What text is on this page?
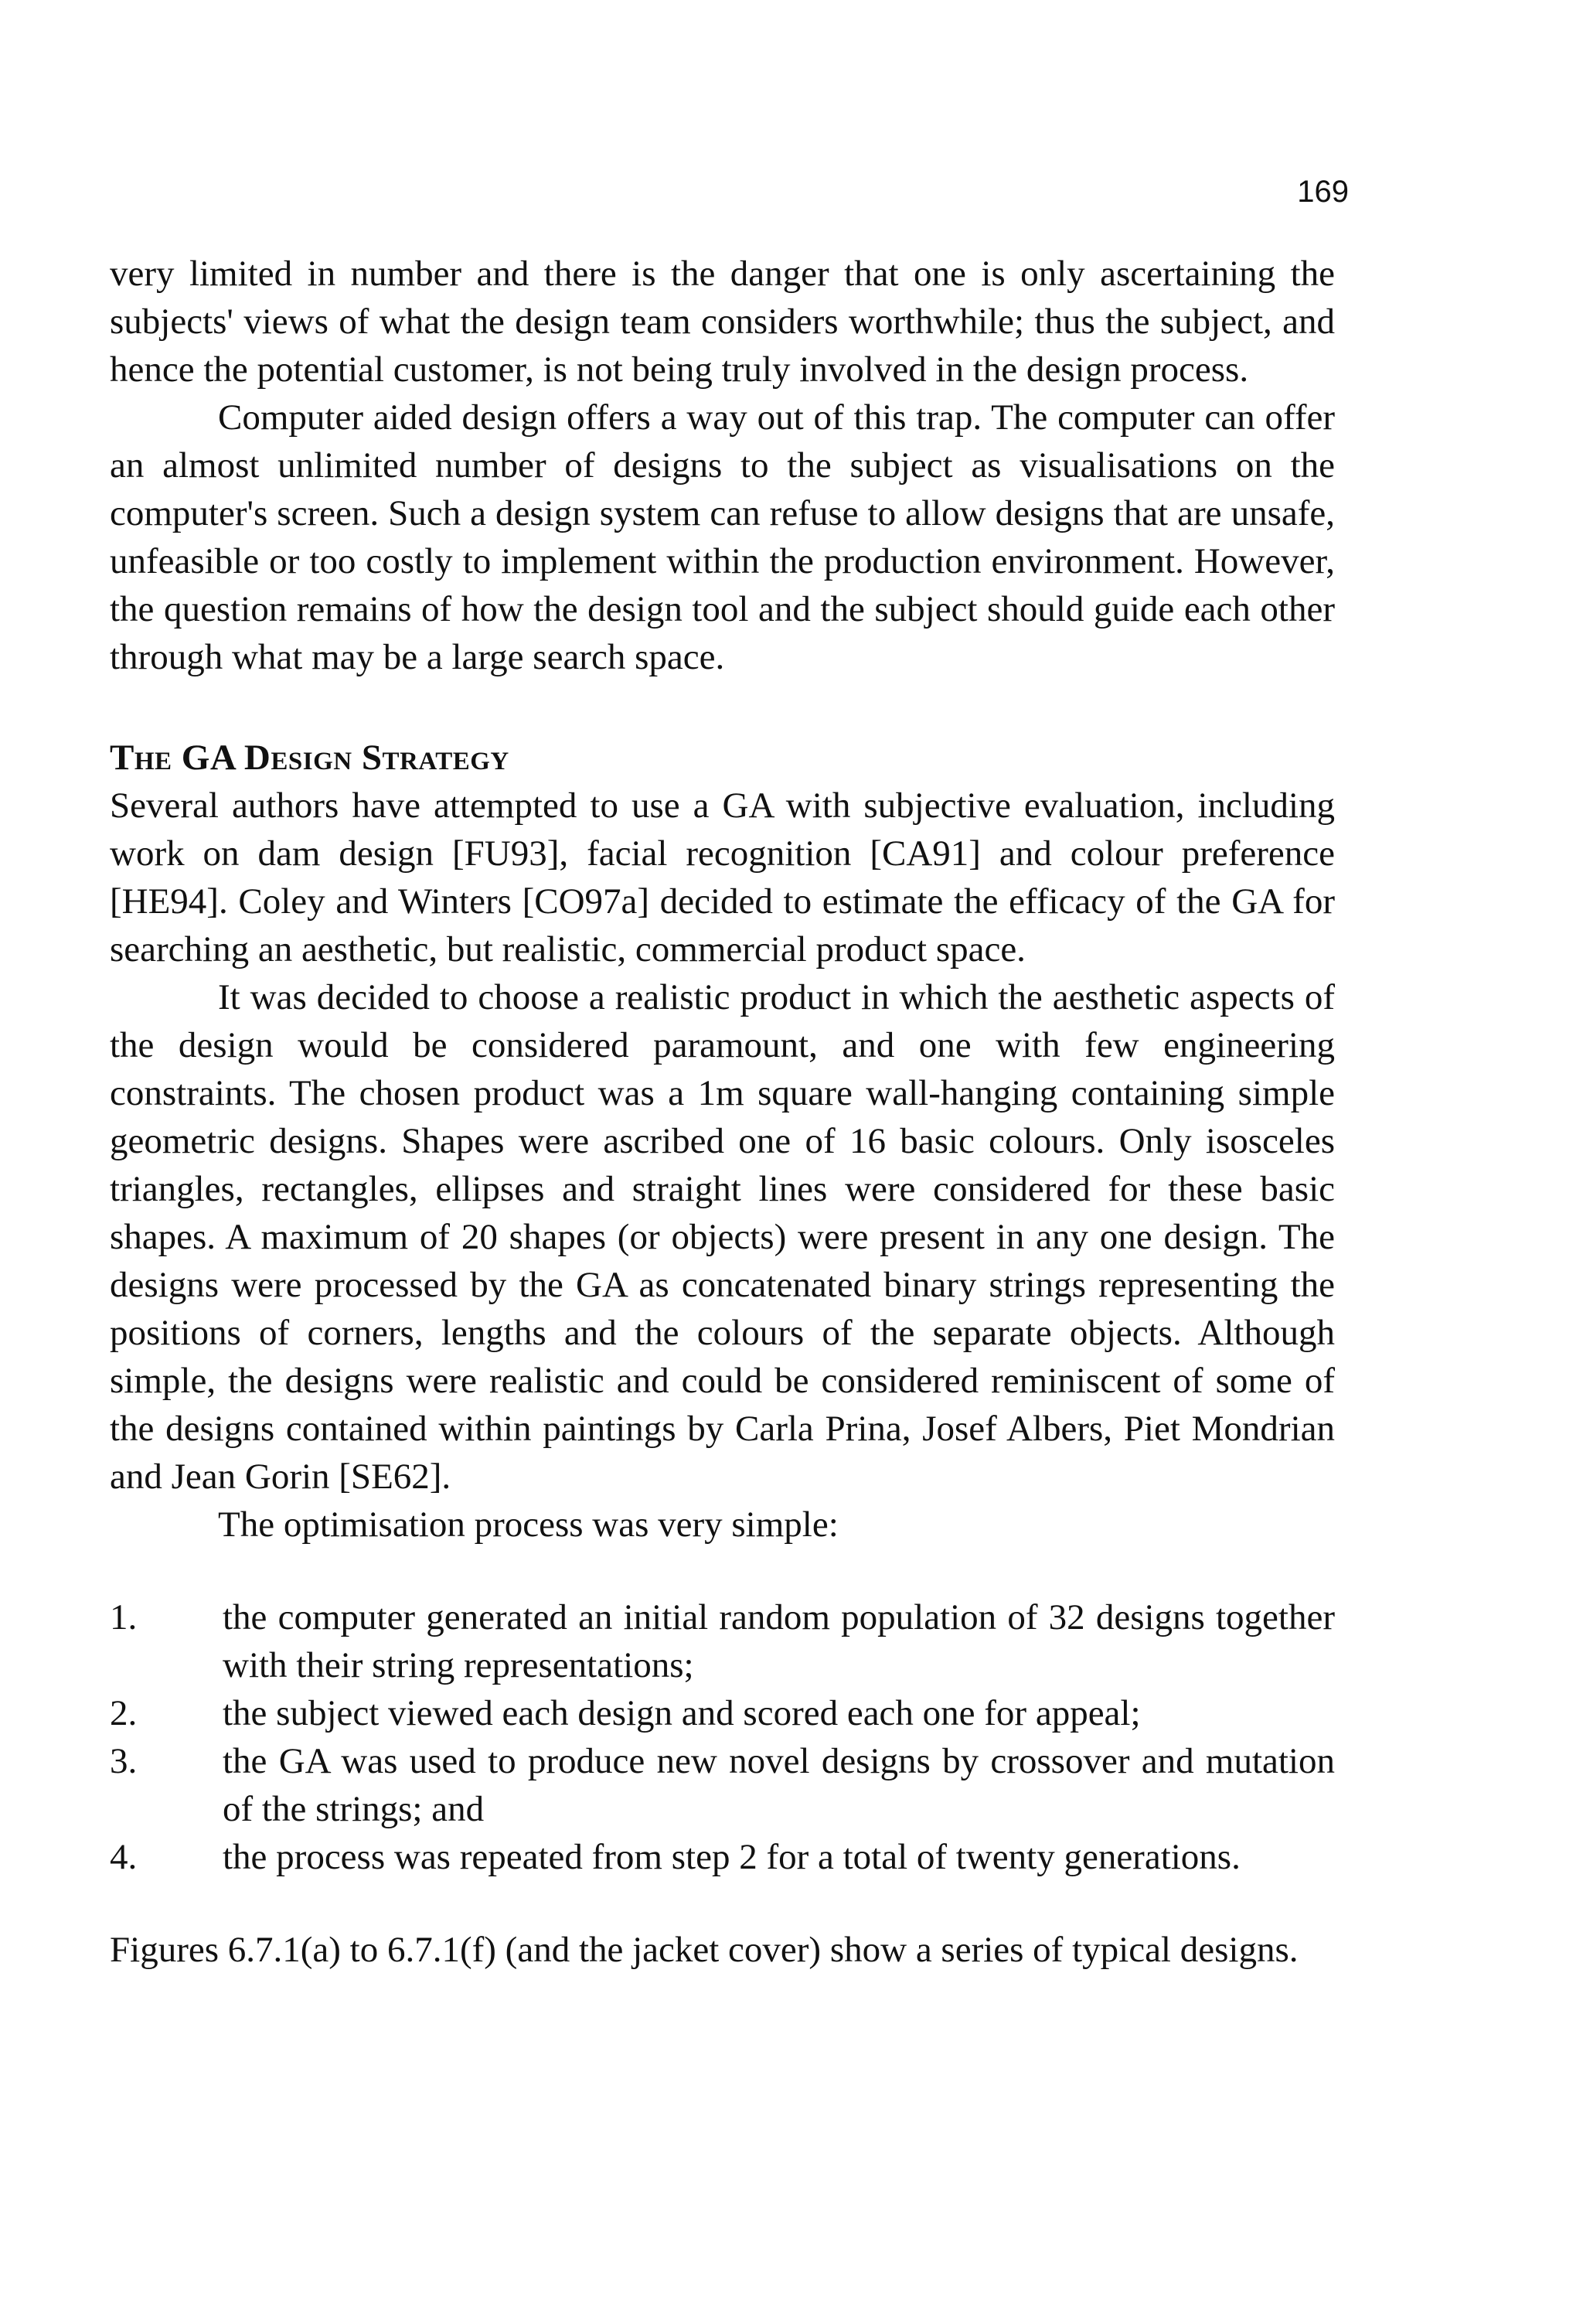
169

very limited in number and there is the danger that one is only ascertaining the subjects' views of what the design team considers worthwhile; thus the subject, and hence the potential customer, is not being truly involved in the design process.

Computer aided design offers a way out of this trap. The computer can offer an almost unlimited number of designs to the subject as visualisations on the computer's screen. Such a design system can refuse to allow designs that are unsafe, unfeasible or too costly to implement within the production environment. However, the question remains of how the design tool and the subject should guide each other through what may be a large search space.

The GA Design Strategy

Several authors have attempted to use a GA with subjective evaluation, including work on dam design [FU93], facial recognition [CA91] and colour preference [HE94]. Coley and Winters [CO97a] decided to estimate the efficacy of the GA for searching an aesthetic, but realistic, commercial product space.

It was decided to choose a realistic product in which the aesthetic aspects of the design would be considered paramount, and one with few engineering constraints. The chosen product was a 1m square wall-hanging containing simple geometric designs. Shapes were ascribed one of 16 basic colours. Only isosceles triangles, rectangles, ellipses and straight lines were considered for these basic shapes. A maximum of 20 shapes (or objects) were present in any one design. The designs were processed by the GA as concatenated binary strings representing the positions of corners, lengths and the colours of the separate objects. Although simple, the designs were realistic and could be considered reminiscent of some of the designs contained within paintings by Carla Prina, Josef Albers, Piet Mondrian and Jean Gorin [SE62].

The optimisation process was very simple:

1. the computer generated an initial random population of 32 designs together with their string representations;
2. the subject viewed each design and scored each one for appeal;
3. the GA was used to produce new novel designs by crossover and mutation of the strings; and
4. the process was repeated from step 2 for a total of twenty generations.

Figures 6.7.1(a) to 6.7.1(f) (and the jacket cover) show a series of typical designs.
